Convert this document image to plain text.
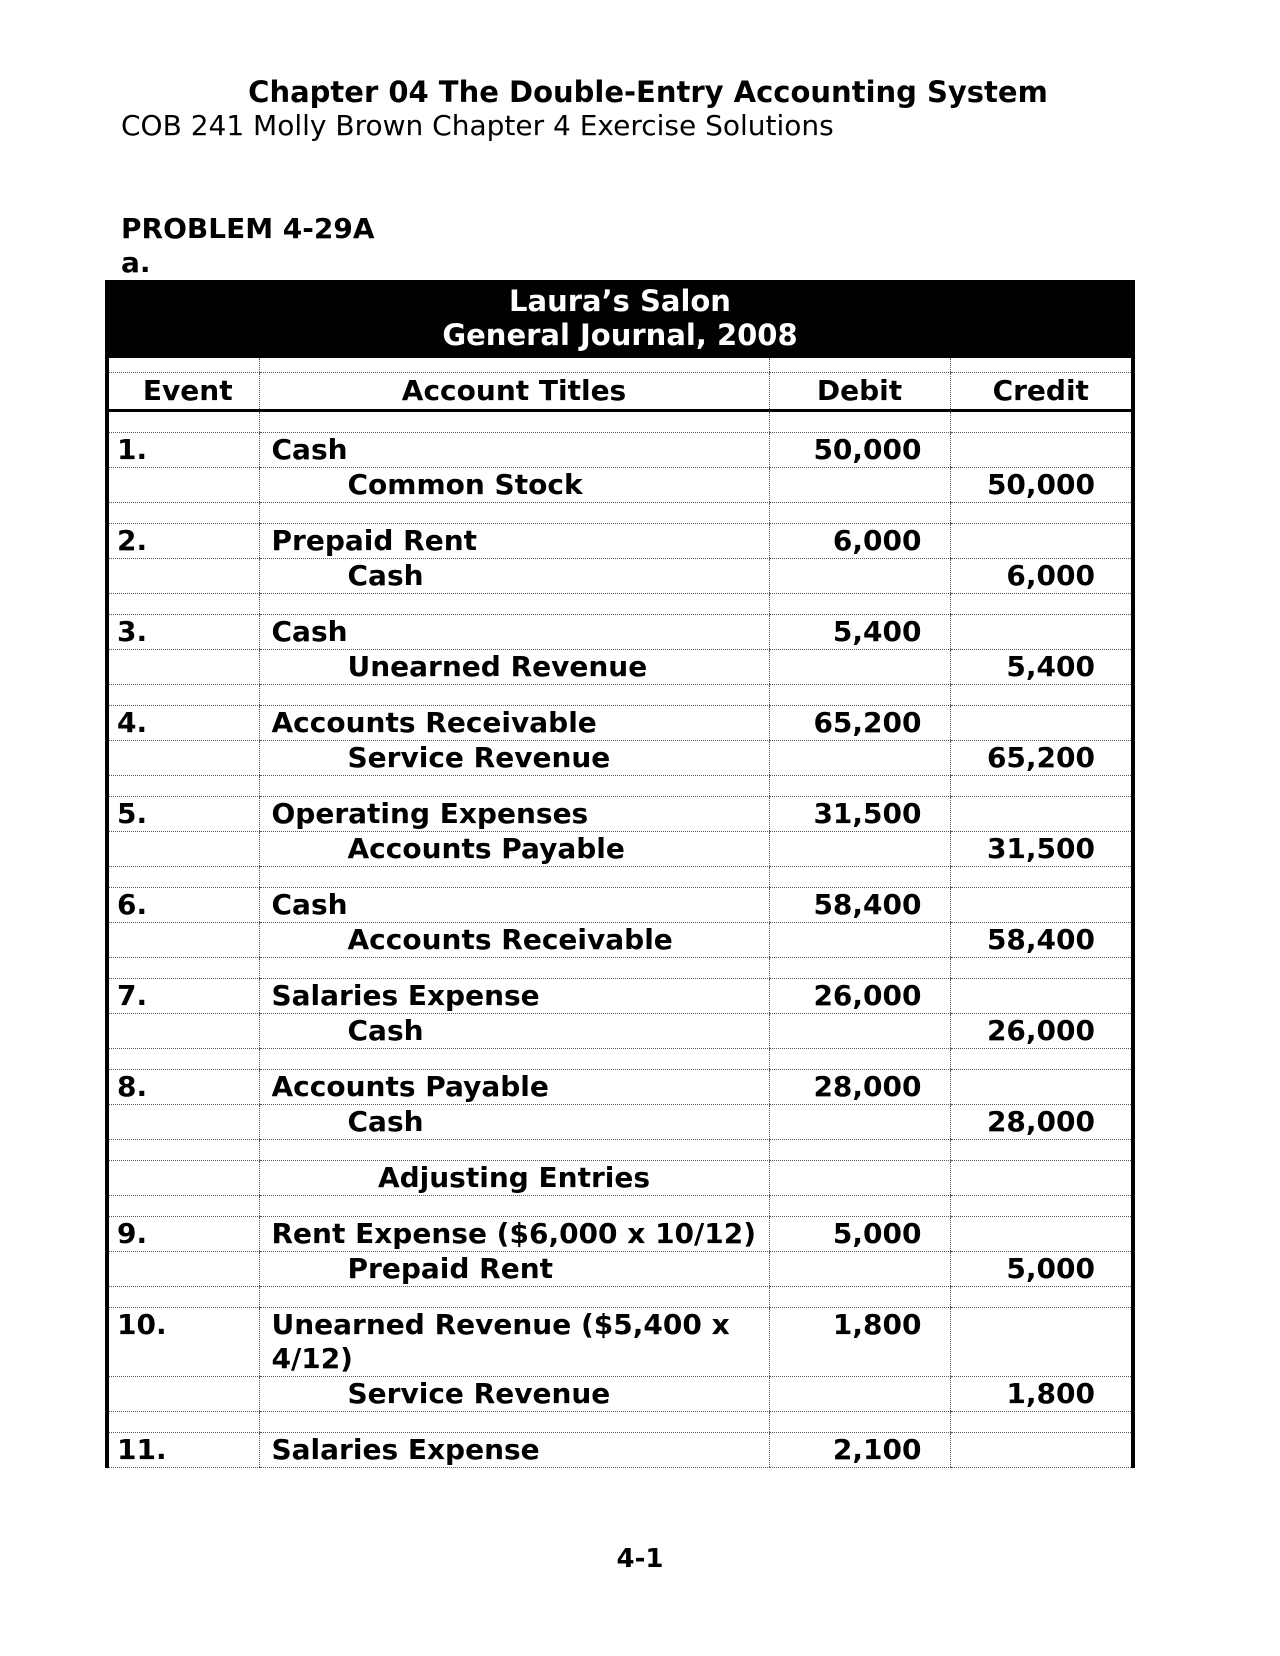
Chapter 04 The Double-Entry Accounting System
COB 241 Molly Brown Chapter 4 Exercise Solutions
PROBLEM 4-29A
a.
Laura’s Salon
General Journal, 2008

Event	Account Titles	Debit	Credit

1.	Cash	50,000	
	Common Stock		50,000

2.	Prepaid Rent	6,000	
	Cash		6,000

3.	Cash	5,400	
	Unearned Revenue		5,400

4.	Accounts Receivable	65,200	
	Service Revenue		65,200

5.	Operating Expenses	31,500	
	Accounts Payable		31,500

6.	Cash	58,400	
	Accounts Receivable		58,400

7.	Salaries Expense	26,000	
	Cash		26,000

8.	Accounts Payable	28,000	
	Cash		28,000

	Adjusting Entries		

9.	Rent Expense ($6,000 x 10/12)	5,000	
	Prepaid Rent		5,000

10.	Unearned Revenue ($5,400 x 4/12)	1,800	
	Service Revenue		1,800

11.	Salaries Expense	2,100	
4-1
